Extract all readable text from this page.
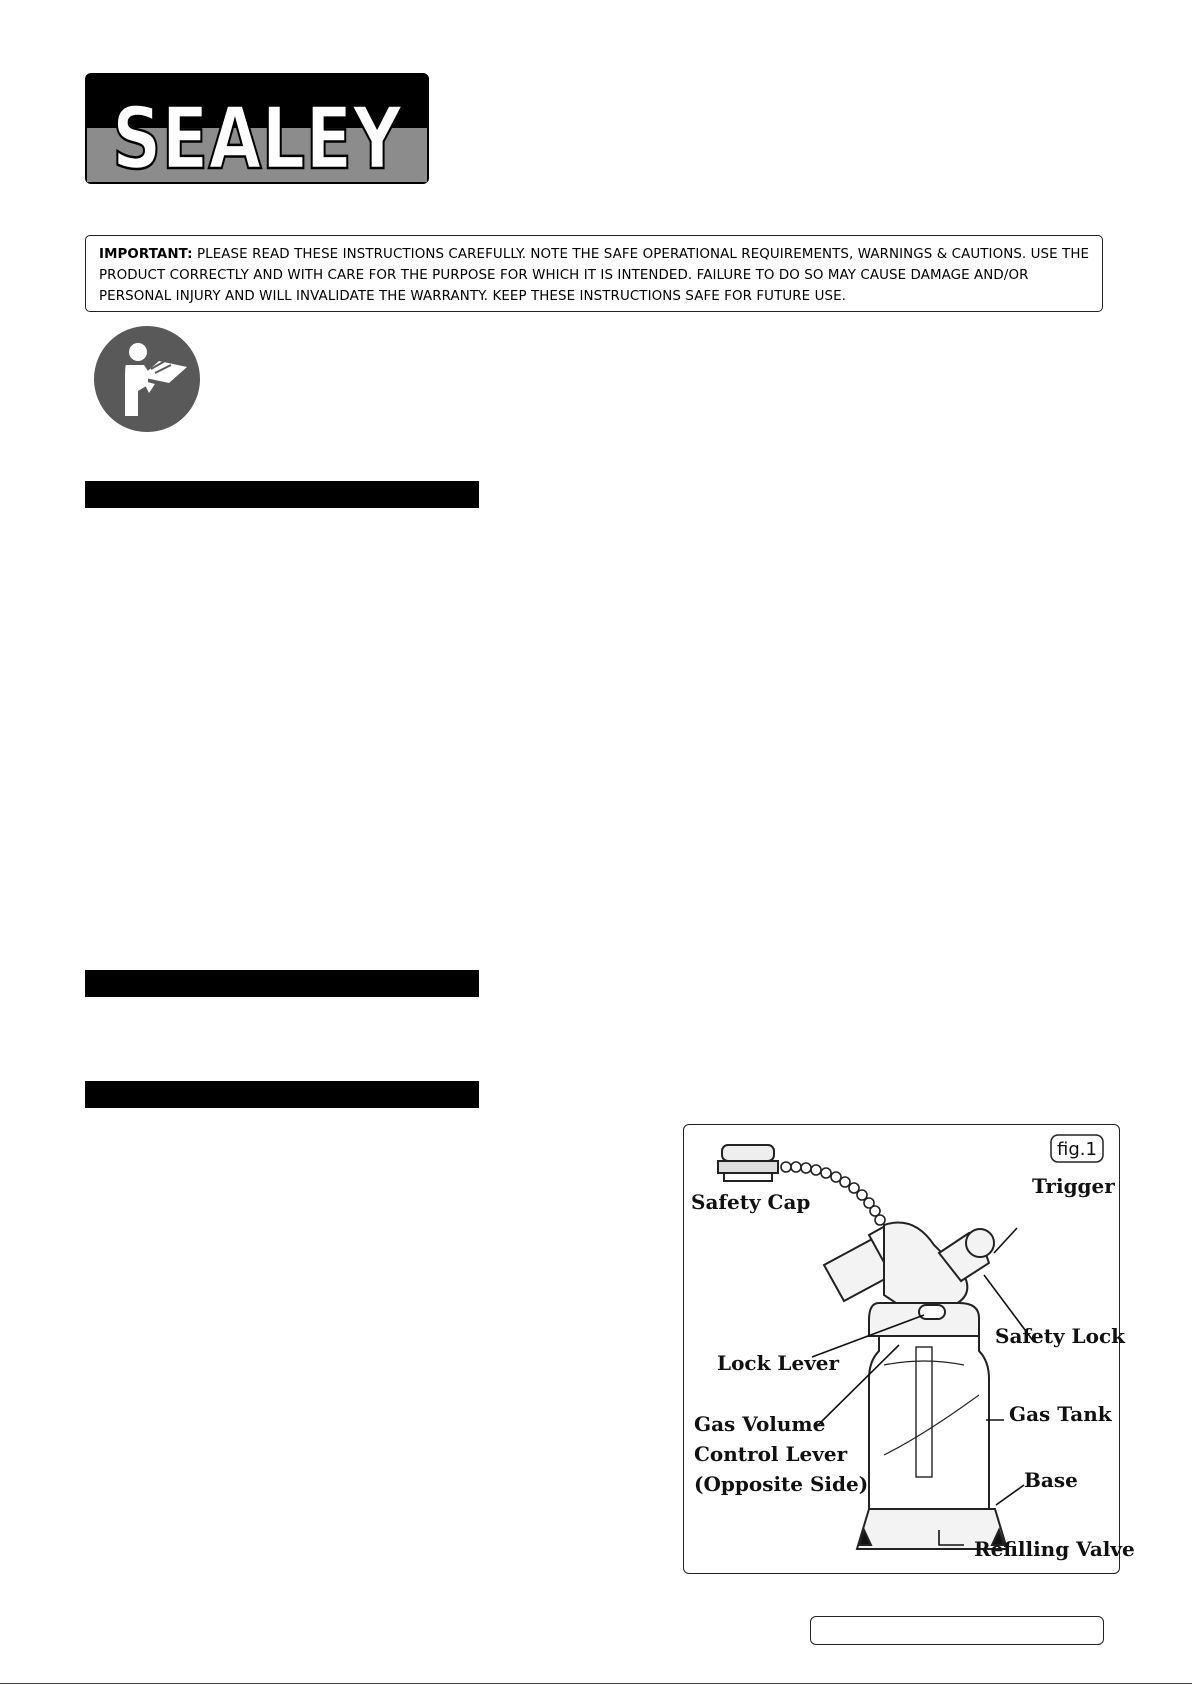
SEALEY
IMPORTANT: PLEASE READ THESE INSTRUCTIONS CAREFULLY. NOTE THE SAFE OPERATIONAL REQUIREMENTS, WARNINGS & CAUTIONS. USE THE PRODUCT CORRECTLY AND WITH CARE FOR THE PURPOSE FOR WHICH IT IS INTENDED. FAILURE TO DO SO MAY CAUSE DAMAGE AND/OR PERSONAL INJURY AND WILL INVALIDATE THE WARRANTY. KEEP THESE INSTRUCTIONS SAFE FOR FUTURE USE.
fig.1
Safety Cap
Trigger
Safety Lock
Lock Lever
Gas Volume
Control Lever
(Opposite Side)
Gas Tank
Base
Refilling Valve
